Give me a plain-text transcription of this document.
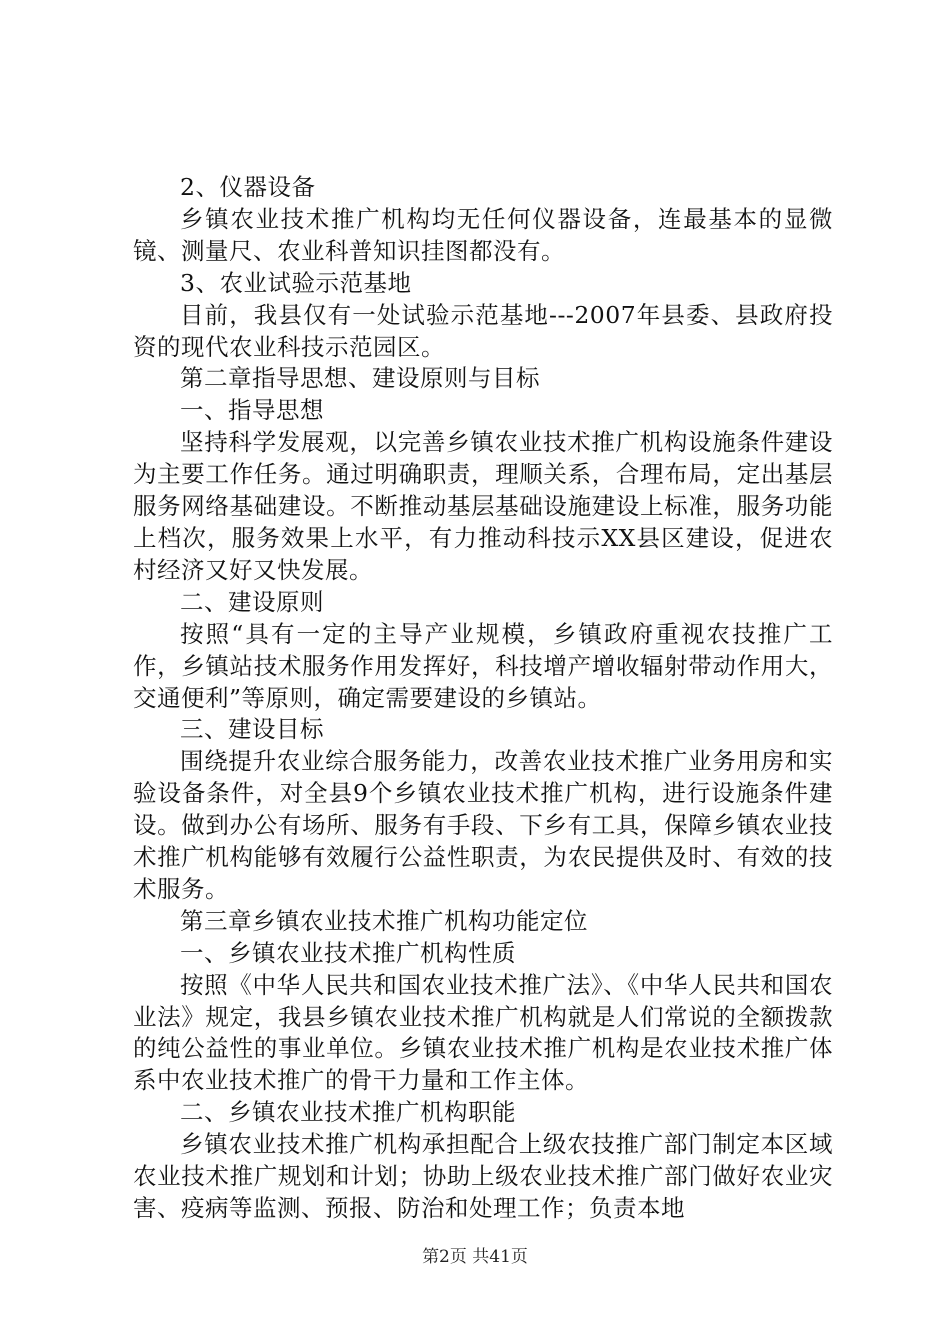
2、仪器设备

乡镇农业技术推广机构均无任何仪器设备，连最基本的显微镜、测量尺、农业科普知识挂图都没有。

3、农业试验示范基地

目前，我县仅有一处试验示范基地---2007年县委、县政府投资的现代农业科技示范园区。

第二章指导思想、建设原则与目标

一、指导思想

坚持科学发展观，以完善乡镇农业技术推广机构设施条件建设为主要工作任务。通过明确职责，理顺关系，合理布局，定出基层服务网络基础建设。不断推动基层基础设施建设上标准，服务功能上档次，服务效果上水平，有力推动科技示XX县区建设，促进农村经济又好又快发展。

二、建设原则

按照“具有一定的主导产业规模，乡镇政府重视农技推广工作，乡镇站技术服务作用发挥好，科技增产增收辐射带动作用大，交通便利”等原则，确定需要建设的乡镇站。

三、建设目标

围绕提升农业综合服务能力，改善农业技术推广业务用房和实验设备条件，对全县9个乡镇农业技术推广机构，进行设施条件建设。做到办公有场所、服务有手段、下乡有工具，保障乡镇农业技术推广机构能够有效履行公益性职责，为农民提供及时、有效的技术服务。

第三章乡镇农业技术推广机构功能定位

一、乡镇农业技术推广机构性质

按照《中华人民共和国农业技术推广法》、《中华人民共和国农业法》规定，我县乡镇农业技术推广机构就是人们常说的全额拨款的纯公益性的事业单位。乡镇农业技术推广机构是农业技术推广体系中农业技术推广的骨干力量和工作主体。

二、乡镇农业技术推广机构职能

乡镇农业技术推广机构承担配合上级农技推广部门制定本区域农业技术推广规划和计划；协助上级农业技术推广部门做好农业灾害、疫病等监测、预报、防治和处理工作；负责本地

第2页 共41页
